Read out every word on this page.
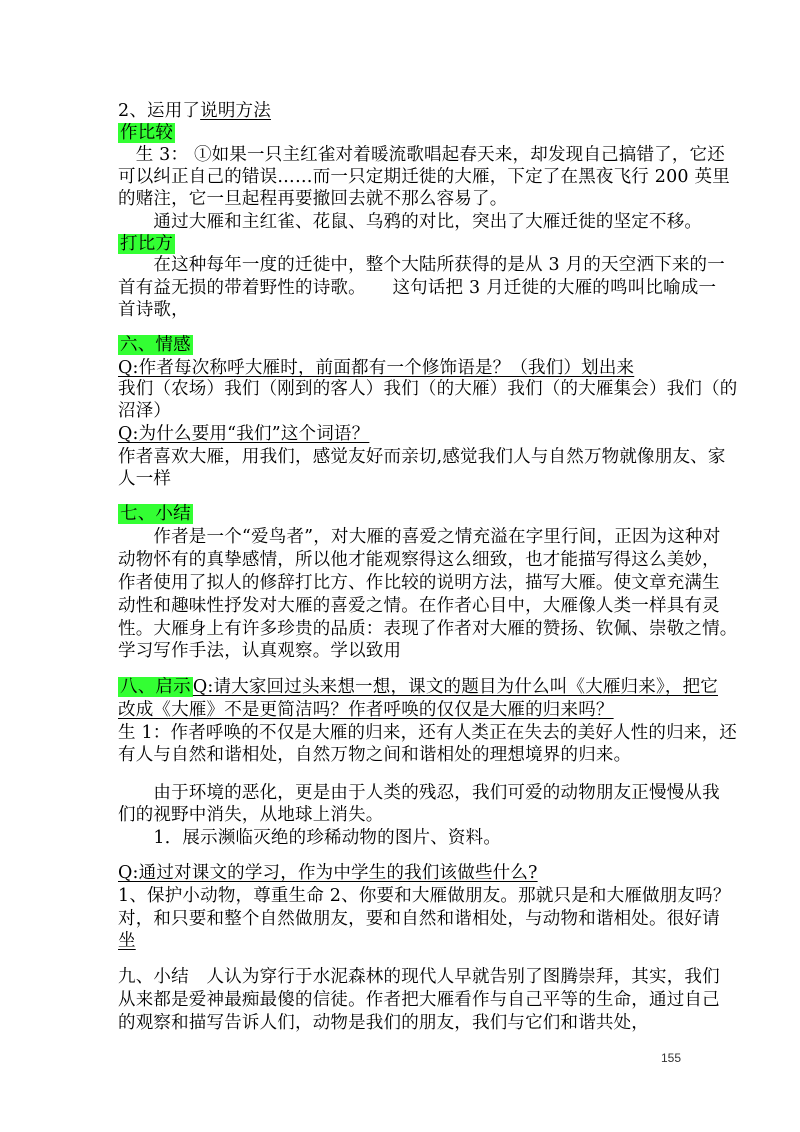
2、运用了说明方法
作比较
　生 3： ①如果一只主红雀对着暖流歌唱起春天来，却发现自己搞错了，它还
可以纠正自己的错误……而一只定期迁徙的大雁，下定了在黑夜飞行 200 英里
的赌注，它一旦起程再要撤回去就不那么容易了。
　　通过大雁和主红雀、花鼠、乌鸦的对比，突出了大雁迁徙的坚定不移。
打比方
　　在这种每年一度的迁徙中，整个大陆所获得的是从 3 月的天空洒下来的一
首有益无损的带着野性的诗歌。　　这句话把 3 月迁徙的大雁的鸣叫比喻成一
首诗歌，
六、情感
Q:作者每次称呼大雁时，前面都有一个修饰语是？（我们）划出来
我们（农场）我们（刚到的客人）我们（的大雁）我们（的大雁集会）我们（的
沼泽）
Q:为什么要用“我们”这个词语？
作者喜欢大雁，用我们，感觉友好而亲切,感觉我们人与自然万物就像朋友、家
人一样
七、小结
　　作者是一个“爱鸟者”，对大雁的喜爱之情充溢在字里行间，正因为这种对
动物怀有的真挚感情，所以他才能观察得这么细致，也才能描写得这么美妙，
作者使用了拟人的修辞打比方、作比较的说明方法，描写大雁。使文章充满生
动性和趣味性抒发对大雁的喜爱之情。在作者心目中，大雁像人类一样具有灵
性。大雁身上有许多珍贵的品质：表现了作者对大雁的赞扬、钦佩、崇敬之情。
学习写作手法，认真观察。学以致用
八、启示 Q:请大家回过头来想一想，课文的题目为什么叫《大雁归来》，把它
改成《大雁》不是更简洁吗？作者呼唤的仅仅是大雁的归来吗？
生 1：作者呼唤的不仅是大雁的归来，还有人类正在失去的美好人性的归来，还
有人与自然和谐相处，自然万物之间和谐相处的理想境界的归来。
　　由于环境的恶化，更是由于人类的残忍，我们可爱的动物朋友正慢慢从我
们的视野中消失，从地球上消失。
　　1．展示濒临灭绝的珍稀动物的图片、资料。
Q:通过对课文的学习，作为中学生的我们该做些什么?
1、保护小动物，尊重生命 2、你要和大雁做朋友。那就只是和大雁做朋友吗？
对，和只要和整个自然做朋友，要和自然和谐相处，与动物和谐相处。很好请
坐
九、小结　人认为穿行于水泥森林的现代人早就告别了图腾崇拜，其实，我们
从来都是爱神最痴最傻的信徒。作者把大雁看作与自己平等的生命，通过自己
的观察和描写告诉人们，动物是我们的朋友，我们与它们和谐共处，
155
